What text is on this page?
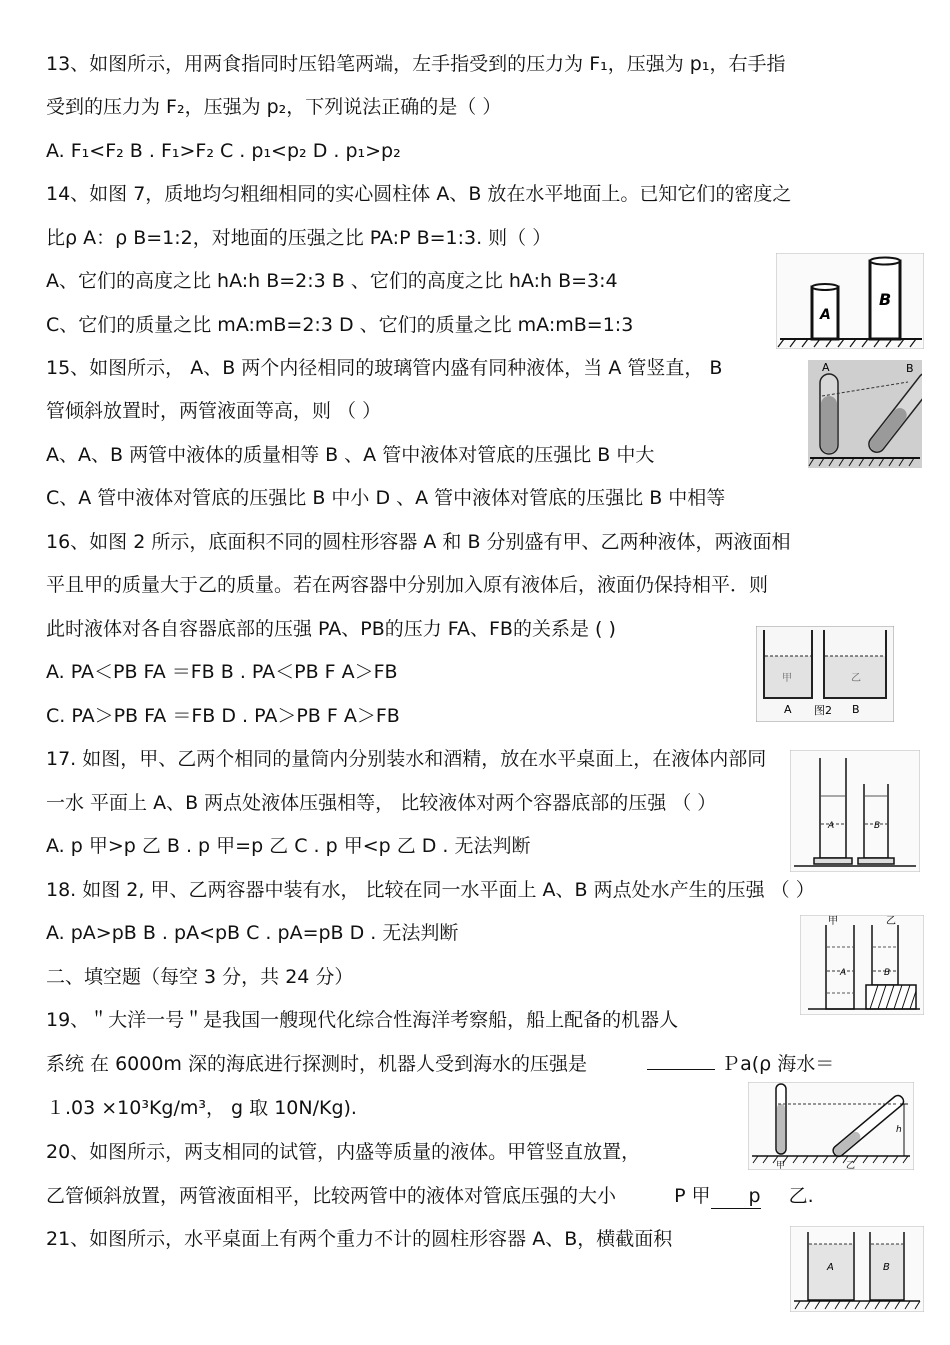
13、如图所示，用两食指同时压铅笔两端，左手指受到的压力为 F₁，压强为 p₁，右手指
受到的压力为 F₂，压强为 p₂，下列说法正确的是（ ）
A. F₁<F₂ B . F₁>F₂ C . p₁<p₂ D . p₁>p₂
14、如图 7，质地均匀粗细相同的实心圆柱体 A、B 放在水平地面上。已知它们的密度之
比ρ A：ρ B=1:2，对地面的压强之比 PA:P B=1:3. 则（ ）
A、它们的高度之比 hA:h B=2:3 B 、它们的高度之比 hA:h B=3:4
C、它们的质量之比 mA:mB=2:3 D 、它们的质量之比 mA:mB=1:3
15、如图所示， A、B 两个内径相同的玻璃管内盛有同种液体，当 A 管竖直， B
管倾斜放置时，两管液面等高，则 （ ）
A、A、B 两管中液体的质量相等 B 、A 管中液体对管底的压强比 B 中大
C、A 管中液体对管底的压强比 B 中小 D 、A 管中液体对管底的压强比 B 中相等
16、如图 2 所示，底面积不同的圆柱形容器 A 和 B 分别盛有甲、乙两种液体，两液面相
平且甲的质量大于乙的质量。若在两容器中分别加入原有液体后，液面仍保持相平．则
此时液体对各自容器底部的压强 PA、PB的压力 FA、FB的关系是 ( )
A. PA＜PB FA ＝FB B . PA＜PB F A＞FB
C. PA＞PB FA ＝FB D . PA＞PB F A＞FB
17. 如图，甲、乙两个相同的量筒内分别装水和酒精，放在水平桌面上，在液体内部同
一水 平面上 A、B 两点处液体压强相等， 比较液体对两个容器底部的压强 （ ）
A. p 甲>p 乙 B . p 甲=p 乙 C . p 甲<p 乙 D . 无法判断
18. 如图 2, 甲、乙两容器中装有水， 比较在同一水平面上 A、B 两点处水产生的压强 （ ）
A. pA>pB B . pA<pB C . pA=pB D . 无法判断
二、填空题（每空 3 分，共 24 分）
19、＂大洋一号＂是我国一艘现代化综合性海洋考察船，船上配备的机器人
系统 在 6000m 深的海底进行探测时，机器人受到海水的压强是	Ｐa(ρ 海水＝
１.03 ×10³Kg/m³， g 取 10N/Kg).
20、如图所示，两支相同的试管，内盛等质量的液体。甲管竖直放置，
乙管倾斜放置，两管液面相平，比较两管中的液体对管底压强的大小	P 甲 p 乙.
21、如图所示，水平桌面上有两个重力不计的圆柱形容器 A、B，横截面积
A
B
A	B
甲	乙
A 图2 B
A	B
甲	乙
A	B
h
甲	乙
A	B
